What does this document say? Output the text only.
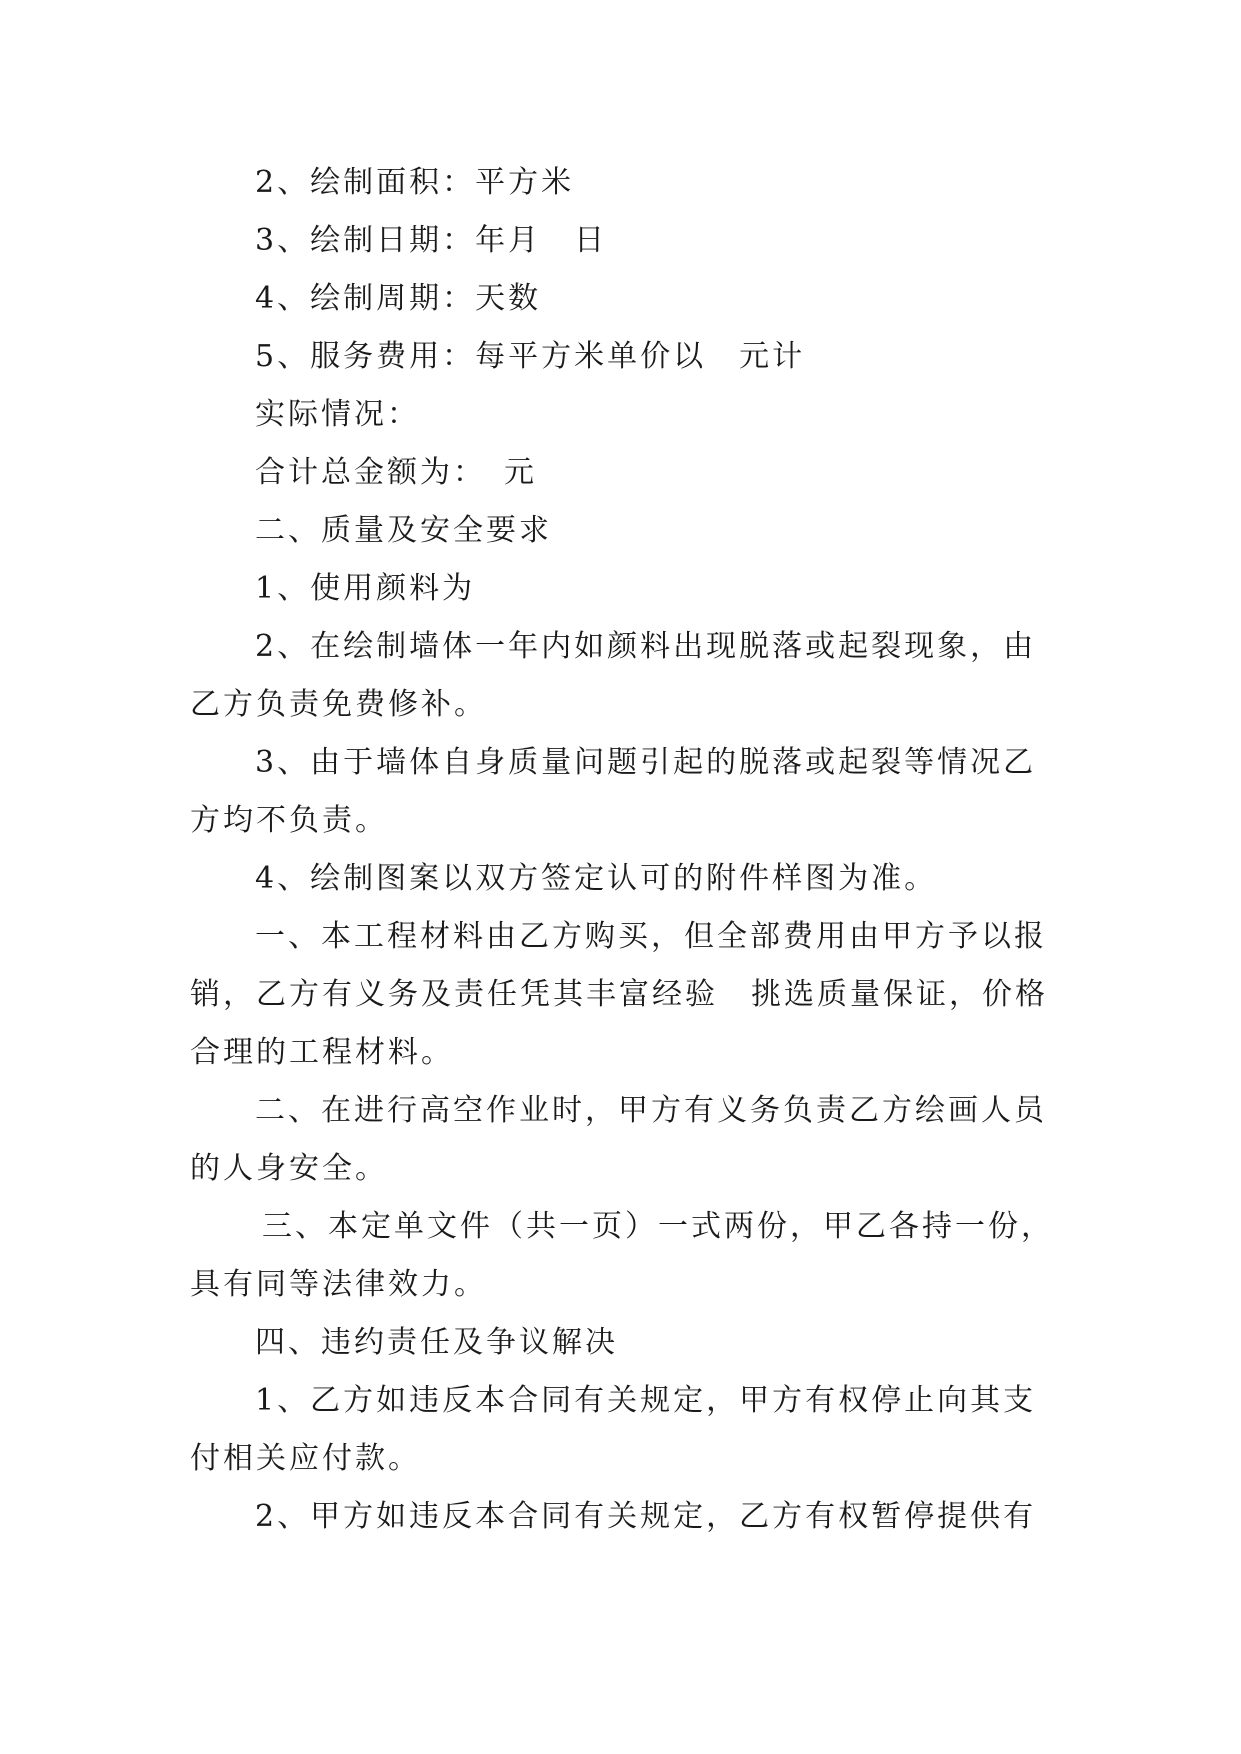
2、绘制面积：平方米
3、绘制日期：年月　日
4、绘制周期：天数
5、服务费用：每平方米单价以　元计
实际情况：
合计总金额为：　元
二、质量及安全要求
1、使用颜料为
2、在绘制墙体一年内如颜料出现脱落或起裂现象，由
乙方负责免费修补。
3、由于墙体自身质量问题引起的脱落或起裂等情况乙
方均不负责。
4、绘制图案以双方签定认可的附件样图为准。
一、本工程材料由乙方购买，但全部费用由甲方予以报
销，乙方有义务及责任凭其丰富经验　挑选质量保证，价格
合理的工程材料。
二、在进行高空作业时，甲方有义务负责乙方绘画人员
的人身安全。
三、本定单文件（共一页）一式两份，甲乙各持一份，
具有同等法律效力。
四、违约责任及争议解决
1、乙方如违反本合同有关规定，甲方有权停止向其支
付相关应付款。
2、甲方如违反本合同有关规定，乙方有权暂停提供有
